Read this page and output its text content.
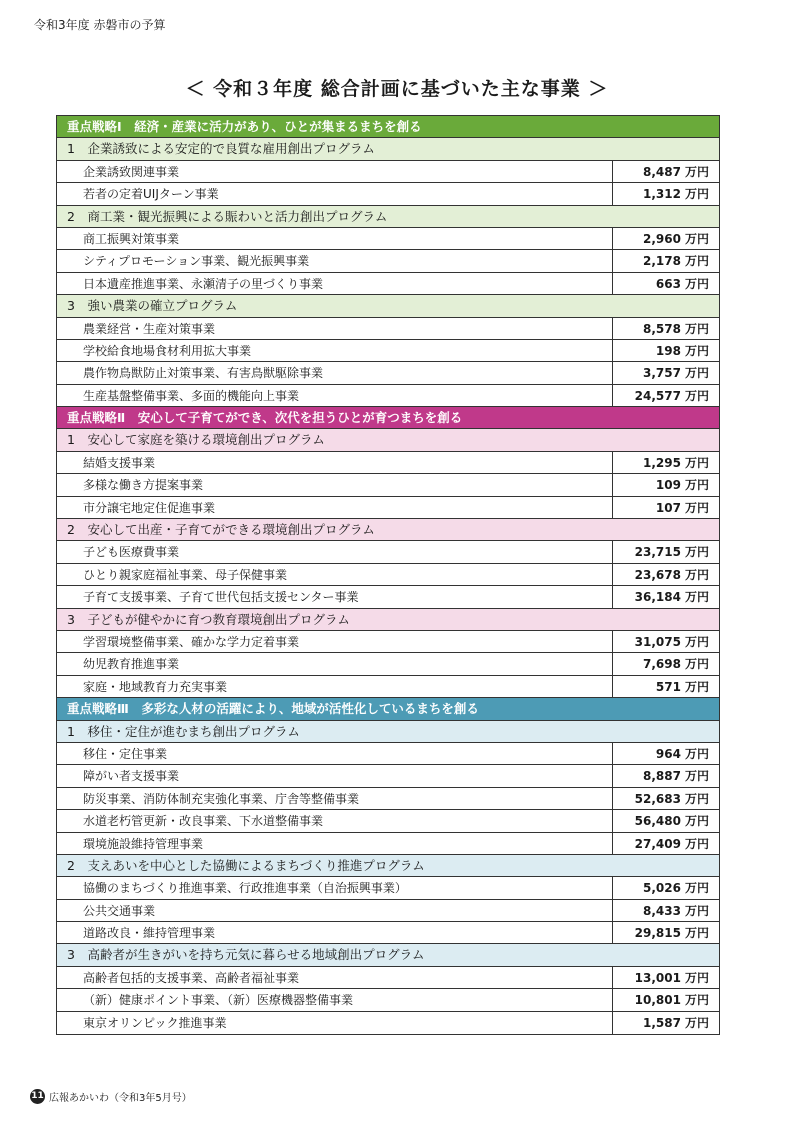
令和3年度 赤磐市の予算
＜ 令和３年度 総合計画に基づいた主な事業 ＞
重点戦略Ⅰ　経済・産業に活力があり、ひとが集まるまちを創る
1　企業誘致による安定的で良質な雇用創出プログラム
企業誘致関連事業	8,487 万円
若者の定着UIJターン事業	1,312 万円
2　商工業・観光振興による賑わいと活力創出プログラム
商工振興対策事業	2,960 万円
シティプロモーション事業、観光振興事業	2,178 万円
日本遺産推進事業、永瀬清子の里づくり事業	663 万円
3　強い農業の確立プログラム
農業経営・生産対策事業	8,578 万円
学校給食地場食材利用拡大事業	198 万円
農作物鳥獣防止対策事業、有害鳥獣駆除事業	3,757 万円
生産基盤整備事業、多面的機能向上事業	24,577 万円
重点戦略Ⅱ　安心して子育てができ、次代を担うひとが育つまちを創る
1　安心して家庭を築ける環境創出プログラム
結婚支援事業	1,295 万円
多様な働き方提案事業	109 万円
市分譲宅地定住促進事業	107 万円
2　安心して出産・子育てができる環境創出プログラム
子ども医療費事業	23,715 万円
ひとり親家庭福祉事業、母子保健事業	23,678 万円
子育て支援事業、子育て世代包括支援センター事業	36,184 万円
3　子どもが健やかに育つ教育環境創出プログラム
学習環境整備事業、確かな学力定着事業	31,075 万円
幼児教育推進事業	7,698 万円
家庭・地域教育力充実事業	571 万円
重点戦略Ⅲ　多彩な人材の活躍により、地域が活性化しているまちを創る
1　移住・定住が進むまち創出プログラム
移住・定住事業	964 万円
障がい者支援事業	8,887 万円
防災事業、消防体制充実強化事業、庁舎等整備事業	52,683 万円
水道老朽管更新・改良事業、下水道整備事業	56,480 万円
環境施設維持管理事業	27,409 万円
2　支えあいを中心とした協働によるまちづくり推進プログラム
協働のまちづくり推進事業、行政推進事業（自治振興事業）	5,026 万円
公共交通事業	8,433 万円
道路改良・維持管理事業	29,815 万円
3　高齢者が生きがいを持ち元気に暮らせる地域創出プログラム
高齢者包括的支援事業、高齢者福祉事業	13,001 万円
（新）健康ポイント事業、（新）医療機器整備事業	10,801 万円
東京オリンピック推進事業	1,587 万円
11 広報あかいわ（令和3年5月号）
